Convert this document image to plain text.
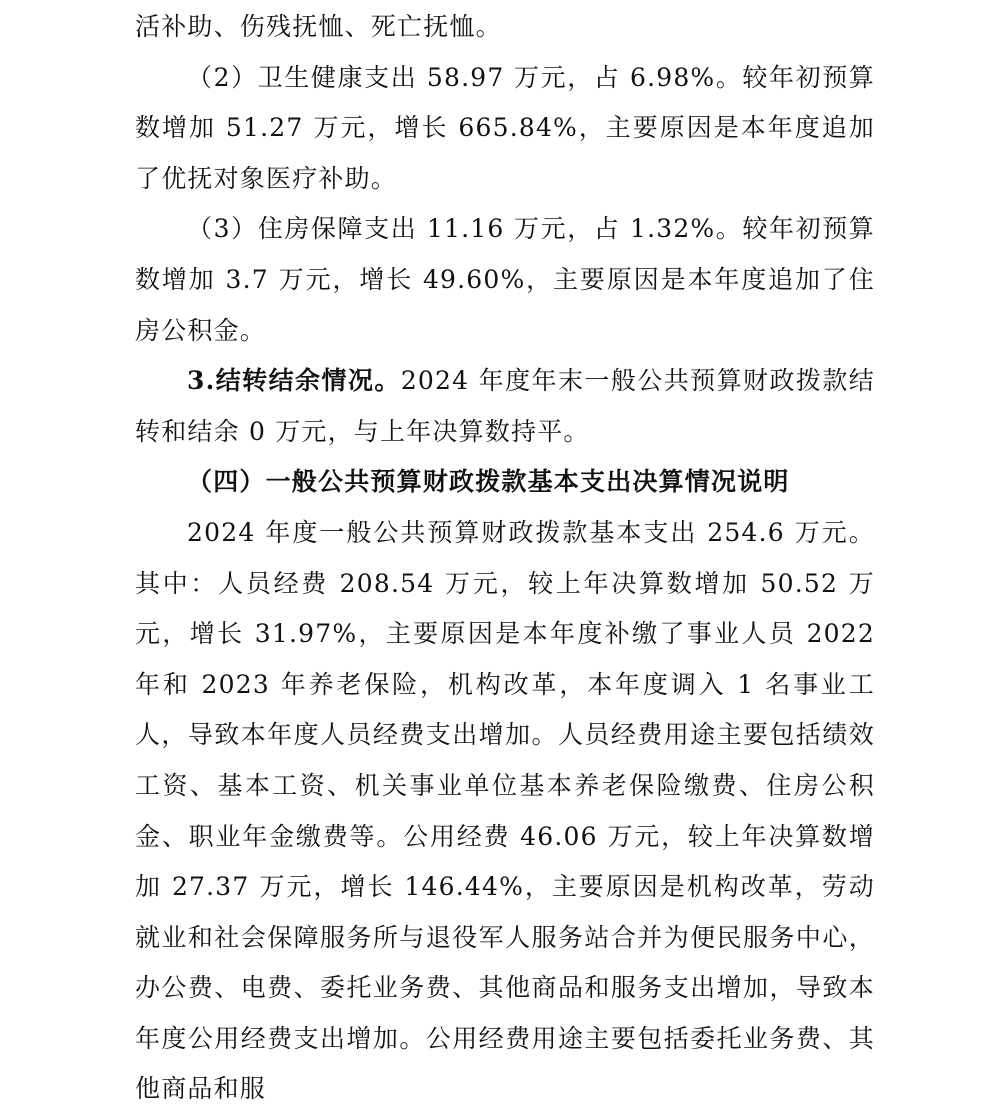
活补助、伤残抚恤、死亡抚恤。

（2）卫生健康支出 58.97 万元，占 6.98%。较年初预算数增加 51.27 万元，增长 665.84%，主要原因是本年度追加了优抚对象医疗补助。

（3）住房保障支出 11.16 万元，占 1.32%。较年初预算数增加 3.7 万元，增长 49.60%，主要原因是本年度追加了住房公积金。

3.结转结余情况。2024 年度年末一般公共预算财政拨款结转和结余 0 万元，与上年决算数持平。

（四）一般公共预算财政拨款基本支出决算情况说明

2024 年度一般公共预算财政拨款基本支出 254.6 万元。其中：人员经费 208.54 万元，较上年决算数增加 50.52 万元，增长 31.97%，主要原因是本年度补缴了事业人员 2022 年和 2023 年养老保险，机构改革，本年度调入 1 名事业工人，导致本年度人员经费支出增加。人员经费用途主要包括绩效工资、基本工资、机关事业单位基本养老保险缴费、住房公积金、职业年金缴费等。公用经费 46.06 万元，较上年决算数增加 27.37 万元，增长 146.44%，主要原因是机构改革，劳动就业和社会保障服务所与退役军人服务站合并为便民服务中心，办公费、电费、委托业务费、其他商品和服务支出增加，导致本年度公用经费支出增加。公用经费用途主要包括委托业务费、其他商品和服
